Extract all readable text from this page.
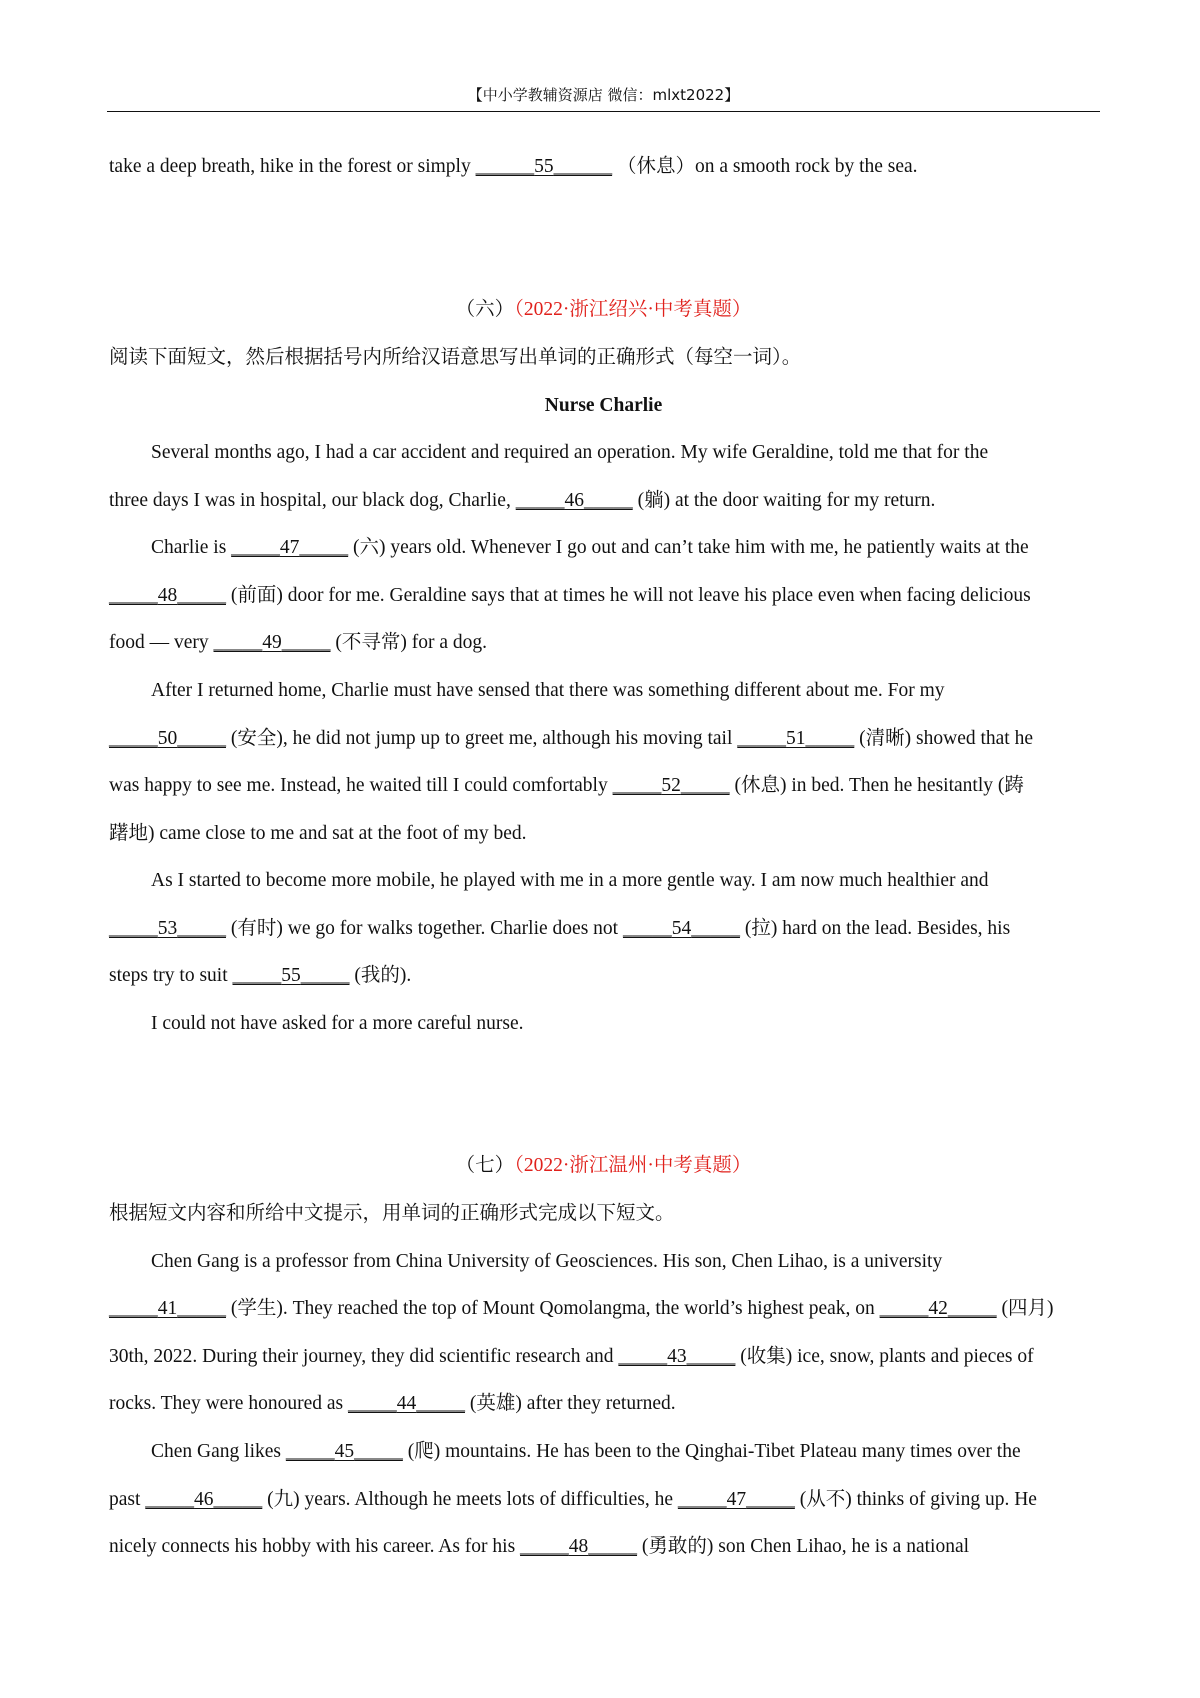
【中小学教辅资源店 微信：mlxt2022】
take a deep breath, hike in the forest or simply ______55______ （休息）on a smooth rock by the sea.
（六）（2022·浙江绍兴·中考真题）
阅读下面短文，然后根据括号内所给汉语意思写出单词的正确形式（每空一词）。
Nurse Charlie
Several months ago, I had a car accident and required an operation. My wife Geraldine, told me that for the
three days I was in hospital, our black dog, Charlie, _____46_____ (躺) at the door waiting for my return.
Charlie is _____47_____ (六) years old. Whenever I go out and can’t take him with me, he patiently waits at the
_____48_____ (前面) door for me. Geraldine says that at times he will not leave his place even when facing delicious
food — very _____49_____ (不寻常) for a dog.
After I returned home, Charlie must have sensed that there was something different about me. For my
_____50_____ (安全), he did not jump up to greet me, although his moving tail _____51_____ (清晰) showed that he
was happy to see me. Instead, he waited till I could comfortably _____52_____ (休息) in bed. Then he hesitantly (踌
躇地) came close to me and sat at the foot of my bed.
As I started to become more mobile, he played with me in a more gentle way. I am now much healthier and
_____53_____ (有时) we go for walks together. Charlie does not _____54_____ (拉) hard on the lead. Besides, his
steps try to suit _____55_____ (我的).
I could not have asked for a more careful nurse.
（七）（2022·浙江温州·中考真题）
根据短文内容和所给中文提示，用单词的正确形式完成以下短文。
Chen Gang is a professor from China University of Geosciences. His son, Chen Lihao, is a university
_____41_____ (学生). They reached the top of Mount Qomolangma, the world’s highest peak, on _____42_____ (四月)
30th, 2022. During their journey, they did scientific research and _____43_____ (收集) ice, snow, plants and pieces of
rocks. They were honoured as _____44_____ (英雄) after they returned.
Chen Gang likes _____45_____ (爬) mountains. He has been to the Qinghai-Tibet Plateau many times over the
past _____46_____ (九) years. Although he meets lots of difficulties, he _____47_____ (从不) thinks of giving up. He
nicely connects his hobby with his career. As for his _____48_____ (勇敢的) son Chen Lihao, he is a national
